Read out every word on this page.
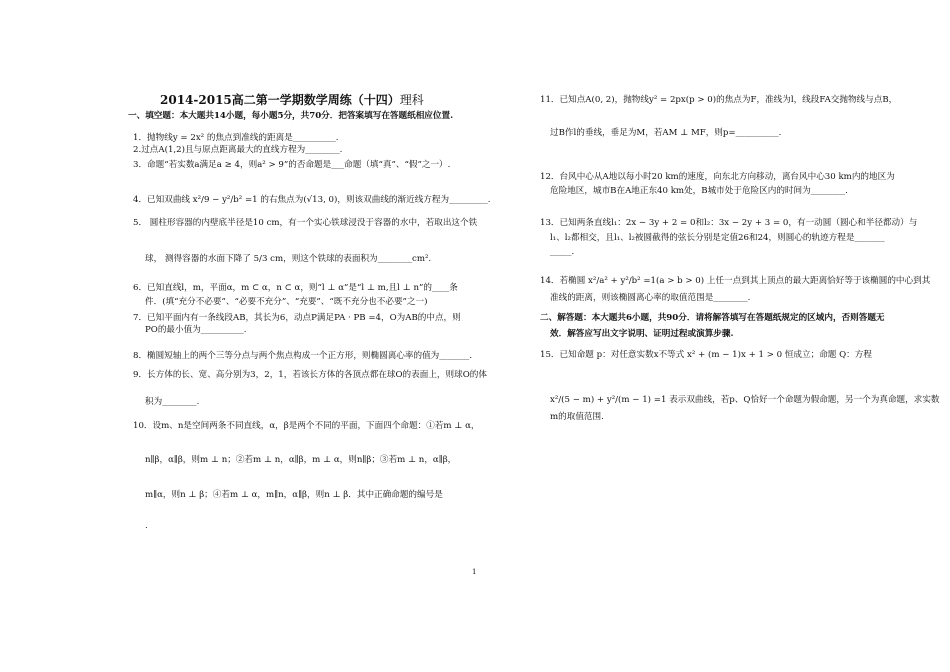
2014-2015高二第一学期数学周练（十四）理科
一、填空题：本大题共14小题，每小题5分，共70分．把答案填写在答题纸相应位置.
1．抛物线y = 2x² 的焦点到准线的距离是__________.
2.过点A(1,2)且与原点距离最大的直线方程为________.
3．命题“若实数a满足a ≥ 4，则a² > 9”的否命题是___命题（填“真”、“假”之一）.
4．已知双曲线 x²/9 − y²/b² =1 的右焦点为(√13, 0)，则该双曲线的渐近线方程为_________.
5． 圆柱形容器的内壁底半径是10 cm，有一个实心铁球浸没于容器的水中，若取出这个铁
球， 测得容器的水面下降了 5/3 cm，则这个铁球的表面积为________cm².
6．已知直线l，m，平面α，m ⊂ α，n ⊂ α，则“l ⊥ α”是“l ⊥ m,且l ⊥ n”的____条
件．(填“充分不必要”、“必要不充分”、“充要”、“既不充分也不必要”之一)
7．已知平面内有一条线段AB，其长为6，动点P满足PA · PB =4，O为AB的中点，则
PO的最小值为__________.
8．椭圆短轴上的两个三等分点与两个焦点构成一个正方形，则椭圆离心率的值为_______.
9．长方体的长、宽、高分别为3，2，1，若该长方体的各顶点都在球O的表面上，则球O的体
积为________.
10．设m、n是空间两条不同直线，α，β是两个不同的平面，下面四个命题：①若m ⊥ α，
n∥β，α∥β，则m ⊥ n；②若m ⊥ n，α∥β，m ⊥ α，则n∥β；③若m ⊥ n，α∥β，
m∥α，则n ⊥ β；④若m ⊥ α，m∥n，α∥β，则n ⊥ β．其中正确命题的编号是
.
11．已知点A(0, 2)，抛物线y² = 2px(p > 0)的焦点为F，准线为l，线段FA交抛物线与点B，
过B作l的垂线，垂足为M，若AM ⊥ MF，则p=__________.
12．台风中心从A地以每小时20 km的速度，向东北方向移动，离台风中心30 km内的地区为
危险地区，城市B在A地正东40 km处，B城市处于危险区内的时间为________.
13．已知两条直线l₁：2x − 3y + 2 = 0和l₂：3x − 2y + 3 = 0，有一动圆（圆心和半径都动）与
l₁、l₂都相交，且l₁、l₂被圆截得的弦长分别是定值26和24，则圆心的轨迹方程是_______
_____.
14．若椭圆 x²/a² + y²/b² =1(a > b > 0) 上任一点到其上顶点的最大距离恰好等于该椭圆的中心到其
准线的距离，则该椭圆离心率的取值范围是________.
二、解答题：本大题共6小题，共90分．请将解答填写在答题纸规定的区域内，否则答题无
效．解答应写出文字说明、证明过程或演算步骤.
15．已知命题 p：对任意实数x不等式 x² + (m − 1)x + 1 > 0 恒成立；命题 Q：方程
x²/(5 − m) + y²/(m − 1) =1 表示双曲线，若p、Q恰好一个命题为假命题，另一个为真命题，求实数
m的取值范围.
1
